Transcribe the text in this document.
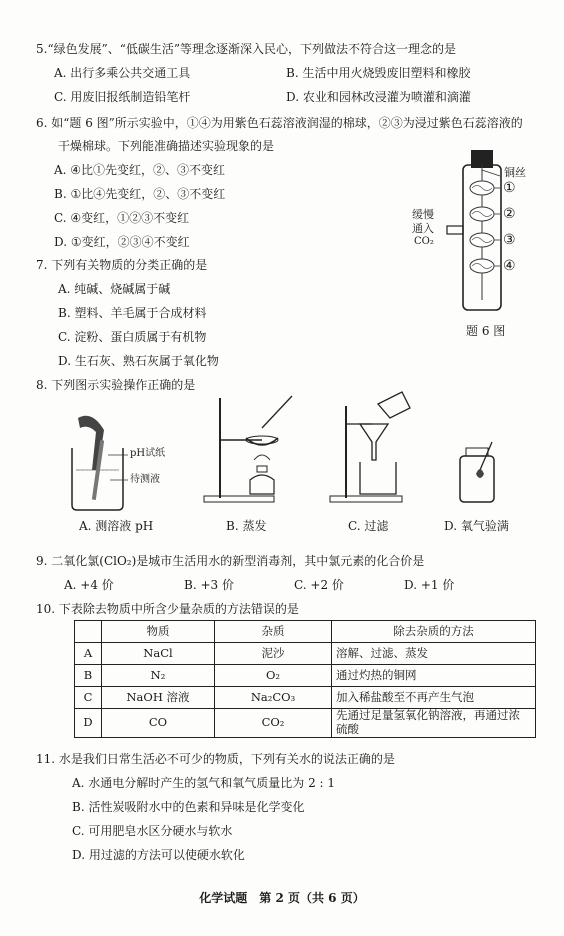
5.“绿色发展”、“低碳生活”等理念逐渐深入民心，下列做法不符合这一理念的是
A. 出行多乘公共交通工具	B. 生活中用火烧毁废旧塑料和橡胶
C. 用废旧报纸制造铅笔杆	D. 农业和园林改浸灌为喷灌和滴灌
6. 如“题 6 图”所示实验中，①④为用紫色石蕊溶液润湿的棉球，②③为浸过紫色石蕊溶液的
干燥棉球。下列能准确描述实验现象的是
A. ④比①先变红，②、③不变红
B. ①比④先变红，②、③不变红
C. ④变红，①②③不变红
D. ①变红，②③④不变红
铜丝
①
②
③
④
缓慢
通入
CO₂
题 6 图
7. 下列有关物质的分类正确的是
A. 纯碱、烧碱属于碱
B. 塑料、羊毛属于合成材料
C. 淀粉、蛋白质属于有机物
D. 生石灰、熟石灰属于氧化物
8. 下列图示实验操作正确的是
pH试纸
待测液
A. 测溶液 pH	B. 蒸发	C. 过滤	D. 氧气验满
9. 二氧化氯(ClO₂)是城市生活用水的新型消毒剂，其中氯元素的化合价是
A. +4 价	B. +3 价	C. +2 价	D. +1 价
10. 下表除去物质中所含少量杂质的方法错误的是
	物质	杂质	除去杂质的方法
A	NaCl	泥沙	溶解、过滤、蒸发
B	N₂	O₂	通过灼热的铜网
C	NaOH 溶液	Na₂CO₃	加入稀盐酸至不再产生气泡
D	CO	CO₂	先通过足量氢氧化钠溶液，再通过浓硫酸
11. 水是我们日常生活必不可少的物质，下列有关水的说法正确的是
A. 水通电分解时产生的氢气和氧气质量比为 2 : 1
B. 活性炭吸附水中的色素和异味是化学变化
C. 可用肥皂水区分硬水与软水
D. 用过滤的方法可以使硬水软化
化学试题　第 2 页（共 6 页）
